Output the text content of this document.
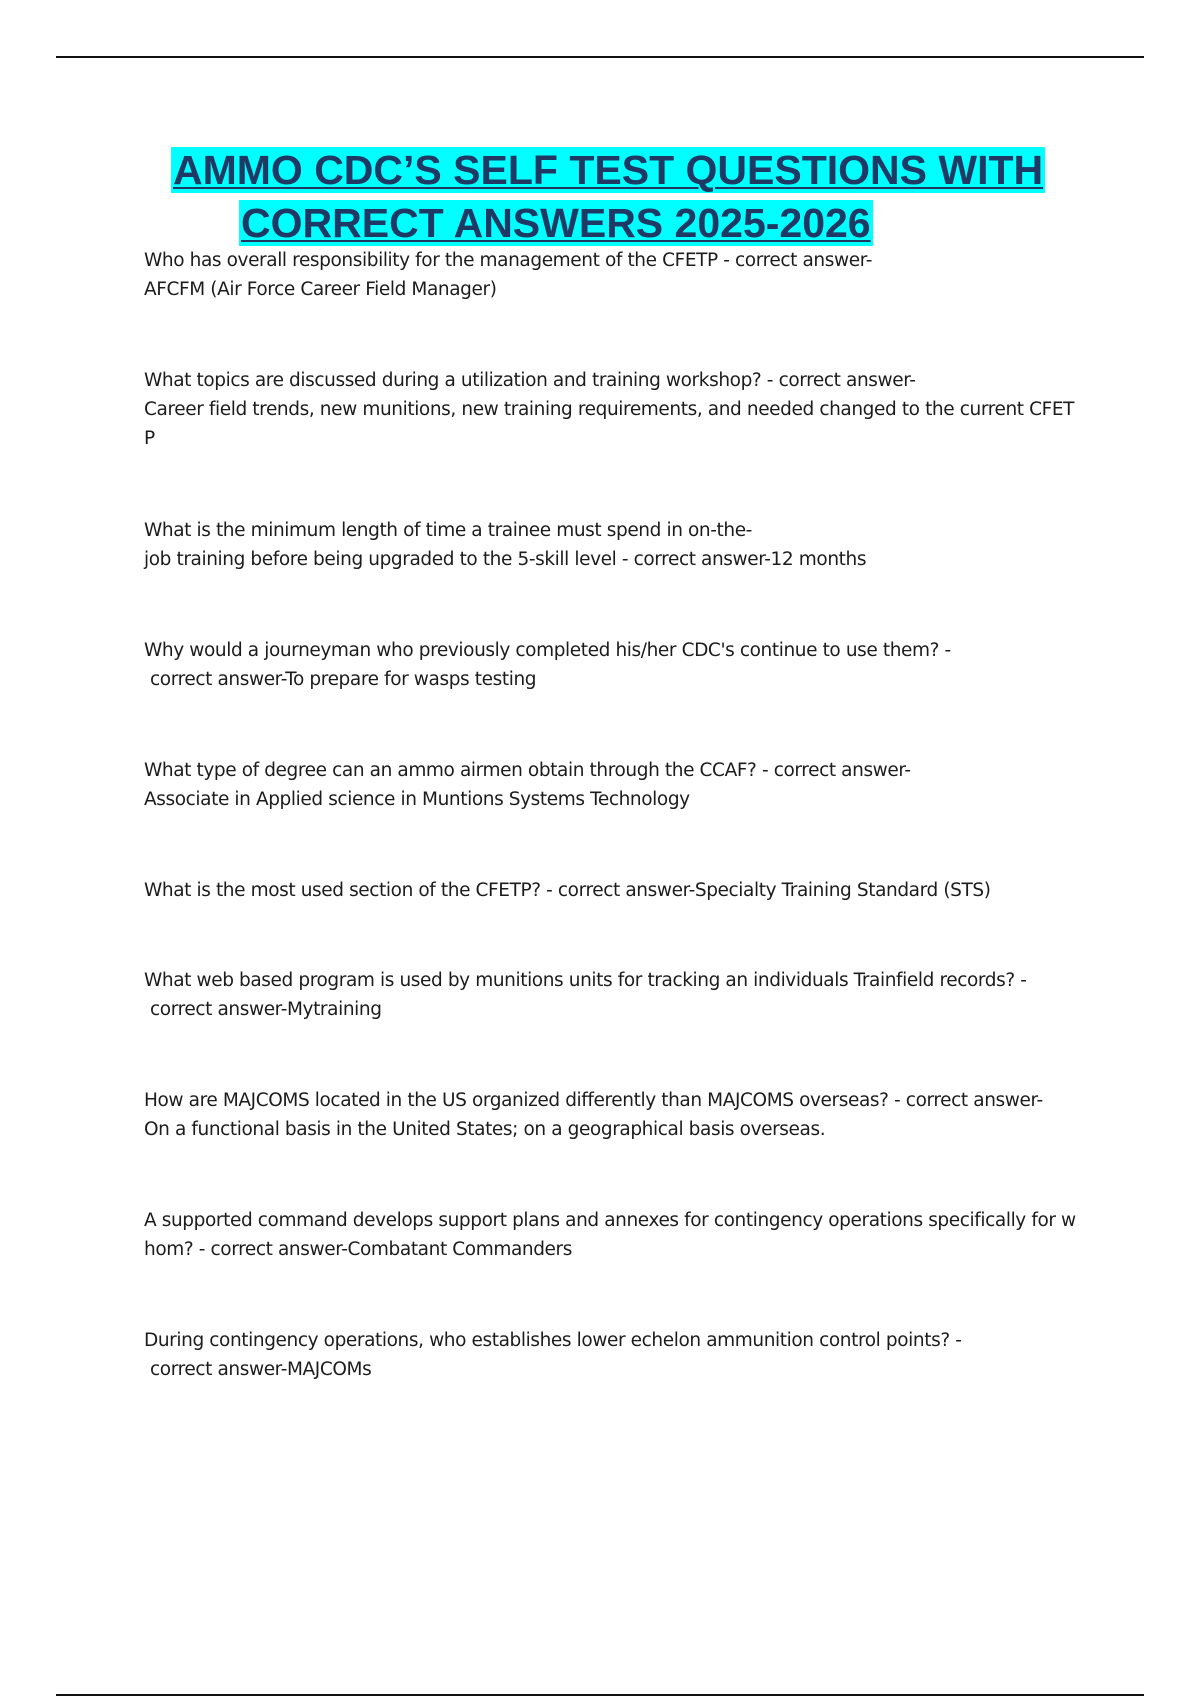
AMMO CDC’S SELF TEST QUESTIONS WITH
CORRECT ANSWERS 2025-2026
Who has overall responsibility for the management of the CFETP - correct answer-
AFCFM (Air Force Career Field Manager)
What topics are discussed during a utilization and training workshop? - correct answer-
Career field trends, new munitions, new training requirements, and needed changed to the current CFET
P
What is the minimum length of time a trainee must spend in on-the-
job training before being upgraded to the 5-skill level - correct answer-12 months
Why would a journeyman who previously completed his/her CDC's continue to use them? -
correct answer-To prepare for wasps testing
What type of degree can an ammo airmen obtain through the CCAF? - correct answer-
Associate in Applied science in Muntions Systems Technology
What is the most used section of the CFETP? - correct answer-Specialty Training Standard (STS)
What web based program is used by munitions units for tracking an individuals Trainfield records? -
correct answer-Mytraining
How are MAJCOMS located in the US organized differently than MAJCOMS overseas? - correct answer-
On a functional basis in the United States; on a geographical basis overseas.
A supported command develops support plans and annexes for contingency operations specifically for w
hom? - correct answer-Combatant Commanders
During contingency operations, who establishes lower echelon ammunition control points? -
correct answer-MAJCOMs
